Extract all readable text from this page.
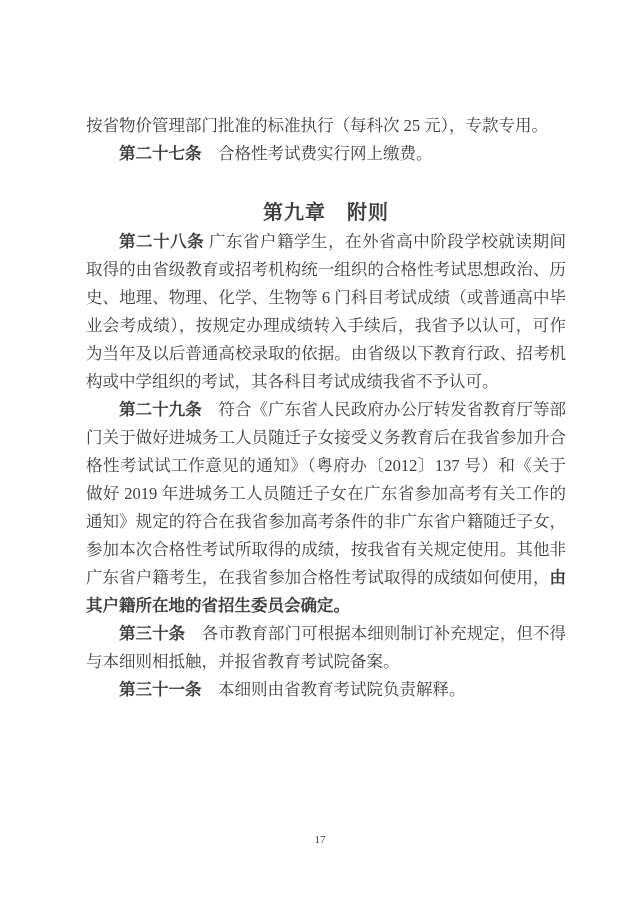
按省物价管理部门批准的标准执行（每科次 25 元），专款专用。

第二十七条　合格性考试费实行网上缴费。

第九章　附则

第二十八条 广东省户籍学生，在外省高中阶段学校就读期间取得的由省级教育或招考机构统一组织的合格性考试思想政治、历史、地理、物理、化学、生物等 6 门科目考试成绩（或普通高中毕业会考成绩），按规定办理成绩转入手续后，我省予以认可，可作为当年及以后普通高校录取的依据。由省级以下教育行政、招考机构或中学组织的考试，其各科目考试成绩我省不予认可。

第二十九条　符合《广东省人民政府办公厅转发省教育厅等部门关于做好进城务工人员随迁子女接受义务教育后在我省参加升合格性考试试工作意见的通知》（粤府办〔2012〕137 号）和《关于做好 2019 年进城务工人员随迁子女在广东省参加高考有关工作的通知》规定的符合在我省参加高考条件的非广东省户籍随迁子女，参加本次合格性考试所取得的成绩，按我省有关规定使用。其他非广东省户籍考生，在我省参加合格性考试取得的成绩如何使用，由其户籍所在地的省招生委员会确定。

第三十条　各市教育部门可根据本细则制订补充规定，但不得与本细则相抵触，并报省教育考试院备案。

第三十一条　本细则由省教育考试院负责解释。

17
